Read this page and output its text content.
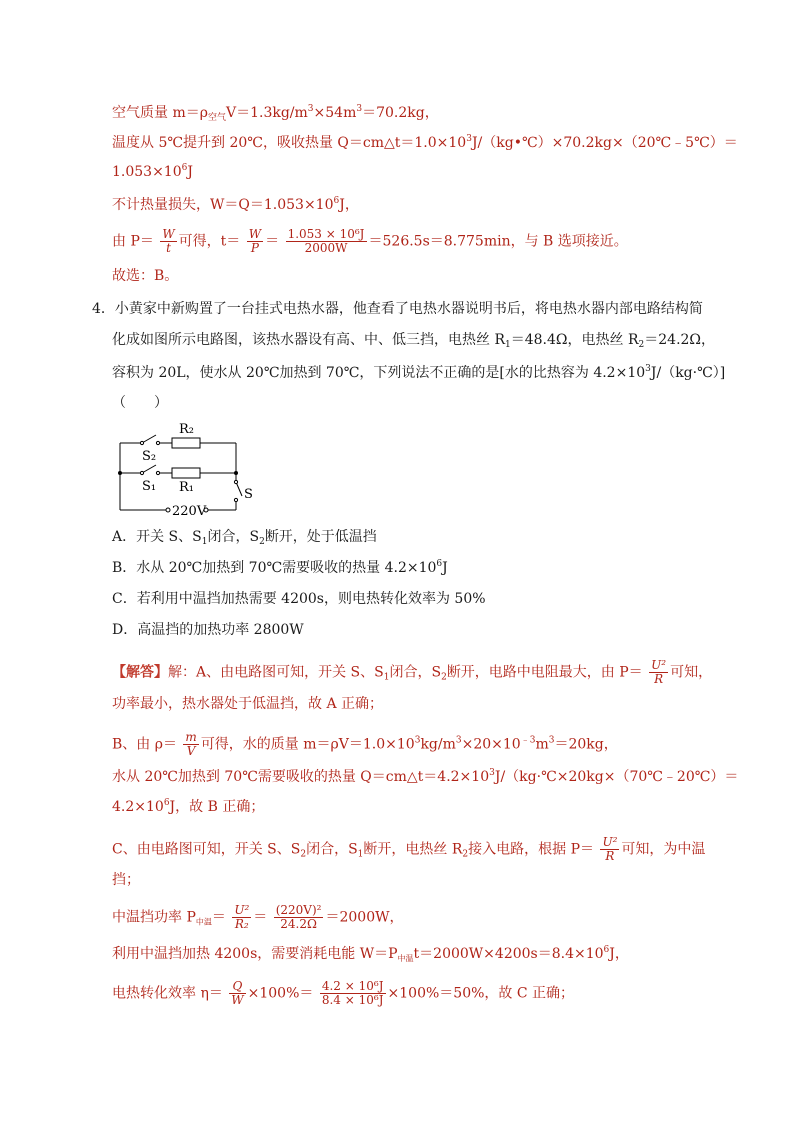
空气质量 $m=\rho_{空气}V=1.3kg/m^3\times 54m^3=70.2kg$，
温度从 5℃提升到 20℃，吸收热量 $Q=cm\triangle t=1.0\times 10^3J/(kg•℃)\times 70.2kg\times(20℃﹣5℃)=$
$1.053\times 10^6J$
不计热量损失，$W=Q=1.053\times 10^6J$，
由 $P= \frac{W}{t}$ 可得，$t= \frac{W}{P} = \frac{\text{1.053 × 10⁶J}}{2000W} =526.5s=8.775\min$，与 B 选项接近。
故选：B。
4．小黄家中新购置了一台挂式电热水器，他查看了电热水器说明书后，将电热水器内部电路结构简
化成如图所示电路图，该热水器设有高、中、低三挡，电热丝 $R_1=48.4\Omega$，电热丝 $R_2=24.2\Omega$，
容积为 20L，使水从 20℃加热到 70℃，下列说法不正确的是[水的比热容为 $4.2\times 10^3J/(kg\cdot℃)$]
（　　）
R₂
S₂
S₁ R₁	S
220V
A．开关 S、$S_1$闭合，$S_2$断开，处于低温挡
B．水从 20℃加热到 70℃需要吸收的热量 $4.2\times 10^6J$
C．若利用中温挡加热需要 4200s，则电热转化效率为 50%
D．高温挡的加热功率 2800W
【解答】解：A、由电路图可知，开关 S、$S_1$闭合，$S_2$断开，电路中电阻最大，由 $P= \frac{\text{U²}}{R}$ 可知，
功率最小，热水器处于低温挡，故 A 正确；
B、由 $\rho= \frac{m}{V}$ 可得，水的质量 $m=\rho V=1.0\times 10^3kg/m^3\times 20\times 10^{﹣3}m^3=20kg$，
水从 20℃加热到 70℃需要吸收的热量 $Q=cm\triangle t=4.2\times 10^3J/(kg\cdot℃\times 20kg\times(70℃﹣20℃)=$
$4.2\times 10^6J$，故 B 正确；
C、由电路图可知，开关 S、$S_2$闭合，$S_1$断开，电热丝 $R_2$接入电路，根据 $P= \frac{\text{U²}}{R}$ 可知，为中温
挡；
中温挡功率 $P_{中温}= \frac{\text{U²}}{\text{R₂}} = \frac{\text{(220V)²}}{24.2\Omega} =2000W$，
利用中温挡加热 4200s，需要消耗电能 $W=P_{中温}t=2000W\times 4200s=8.4\times 10^6J$，
电热转化效率 $\eta= \frac{Q}{W} \times 100\%= \frac{\text{4.2 × 10⁶J}}{\text{8.4 × 10⁶J}} \times 100\%=50\%$，故 C 正确；
